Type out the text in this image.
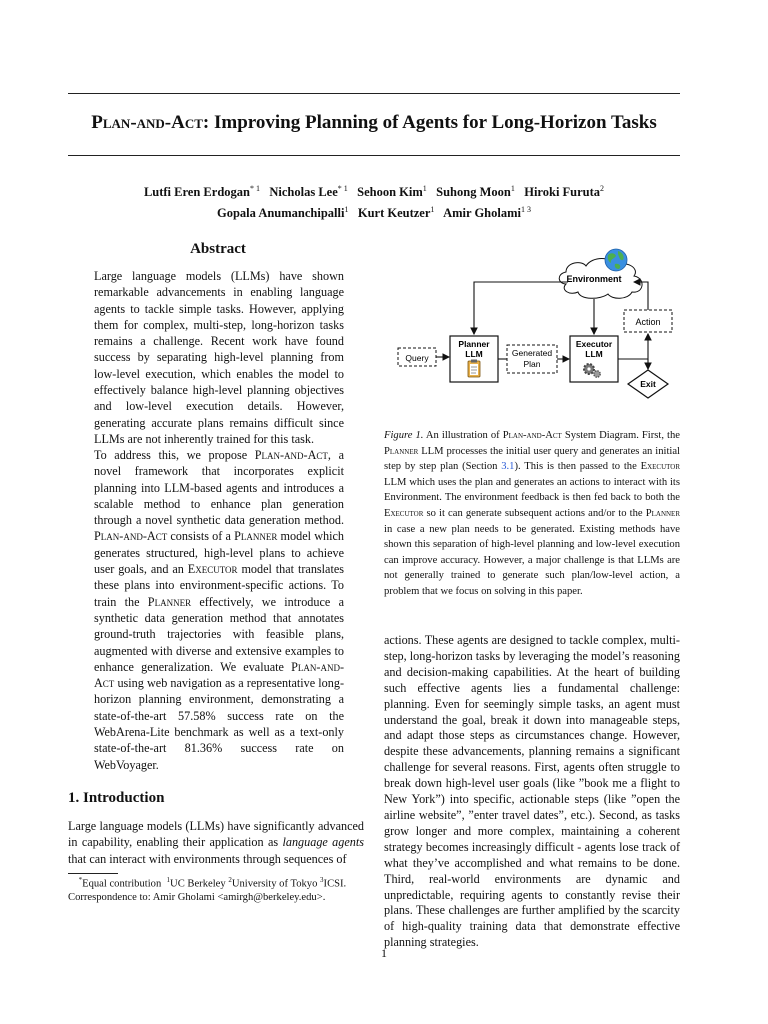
Plan-and-Act: Improving Planning of Agents for Long-Horizon Tasks
Lutfi Eren Erdogan$^{* 1}$ Nicholas Lee$^{* 1}$ Sehoon Kim$^1$ Suhong Moon$^1$ Hiroki Furuta$^2$
Gopala Anumanchipalli$^1$ Kurt Keutzer$^1$ Amir Gholami$^{1 3}$
Abstract

Large language models (LLMs) have shown remarkable advancements in enabling language agents to tackle simple tasks. However, applying them for complex, multi-step, long-horizon tasks remains a challenge. Recent work have found success by separating high-level planning from low-level execution, which enables the model to effectively balance high-level planning objectives and low-level execution details. However, generating accurate plans remains difficult since LLMs are not inherently trained for this task.

To address this, we propose Plan-and-Act, a novel framework that incorporates explicit planning into LLM-based agents and introduces a scalable method to enhance plan generation through a novel synthetic data generation method. Plan-and-Act consists of a Planner model which generates structured, high-level plans to achieve user goals, and an Executor model that translates these plans into environment-specific actions. To train the Planner effectively, we introduce a synthetic data generation method that annotates ground-truth trajectories with feasible plans, augmented with diverse and extensive examples to enhance generalization. We evaluate Plan-and-Act using web navigation as a representative long-horizon planning environment, demonstrating a state-of-the-art 57.58% success rate on the WebArena-Lite benchmark as well as a text-only state-of-the-art 81.36% success rate on WebVoyager.

1. Introduction

Large language models (LLMs) have significantly advanced in capability, enabling their application as language agents that can interact with environments through sequences of

*Equal contribution $^1$UC Berkeley $^2$University of Tokyo $^3$ICSI.
Correspondence to: Amir Gholami <amirgh@berkeley.edu>.

Environment
Action
Planner
LLM
Executor
LLM
Query	Generated
Plan
Exit

Figure 1. An illustration of Plan-and-Act System Diagram. First, the Planner LLM processes the initial user query and generates an initial step by step plan (Section 3.1). This is then passed to the Executor LLM which uses the plan and generates an actions to interact with its Environment. The environment feedback is then fed back to both the Executor so it can generate subsequent actions and/or to the Planner in case a new plan needs to be generated. Existing methods have shown this separation of high-level planning and low-level execution can improve accuracy. However, a major challenge is that LLMs are not generally trained to generate such plan/low-level action, a problem that we focus on solving in this paper.

actions. These agents are designed to tackle complex, multi-step, long-horizon tasks by leveraging the model’s reasoning and decision-making capabilities. At the heart of building such effective agents lies a fundamental challenge: planning. Even for seemingly simple tasks, an agent must understand the goal, break it down into manageable steps, and adapt those steps as circumstances change. However, despite these advancements, planning remains a significant challenge for several reasons. First, agents often struggle to break down high-level user goals (like ”book me a flight to New York”) into specific, actionable steps (like ”open the airline website”, ”enter travel dates”, etc.). Second, as tasks grow longer and more complex, maintaining a coherent strategy becomes increasingly difficult - agents lose track of what they’ve accomplished and what remains to be done. Third, real-world environments are dynamic and unpredictable, requiring agents to constantly revise their plans. These challenges are further amplified by the scarcity of high-quality training data that demonstrate effective planning strategies.

1
